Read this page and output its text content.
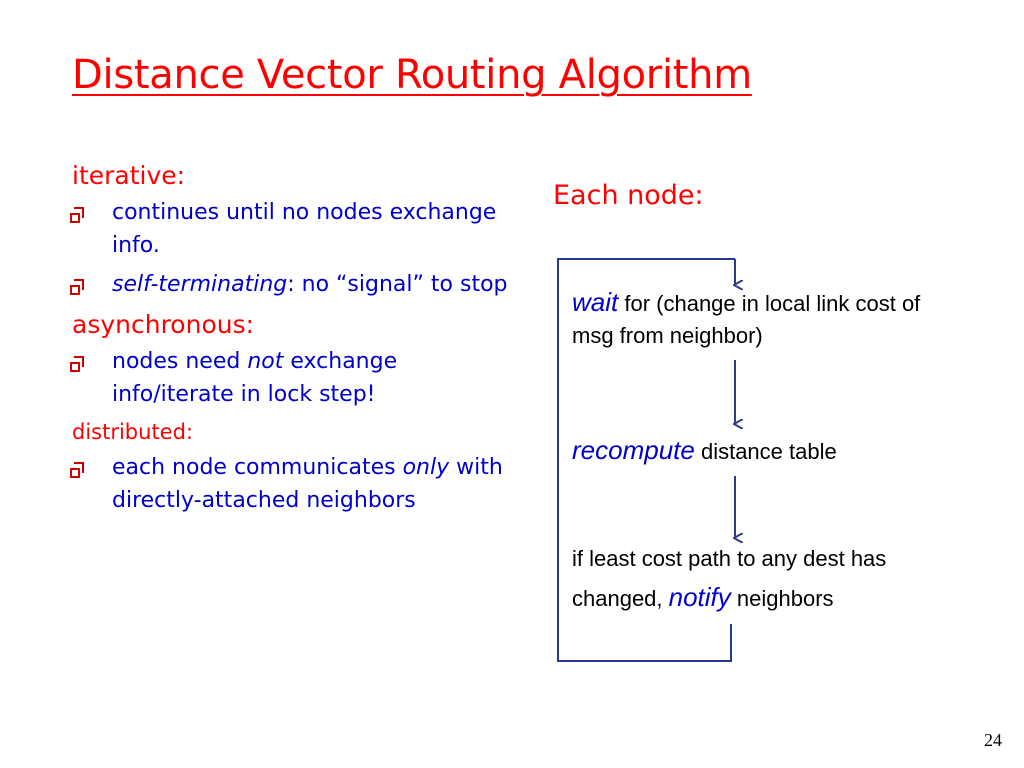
Distance Vector Routing Algorithm
iterative:
continues until no nodes exchange info.
self-terminating: no “signal” to stop
asynchronous:
nodes need not exchange info/iterate in lock step!
distributed:
each node communicates only with directly-attached neighbors
Each node:
wait for (change in local link cost of msg from neighbor)
recompute distance table
if least cost path to any dest has changed, notify neighbors
24
